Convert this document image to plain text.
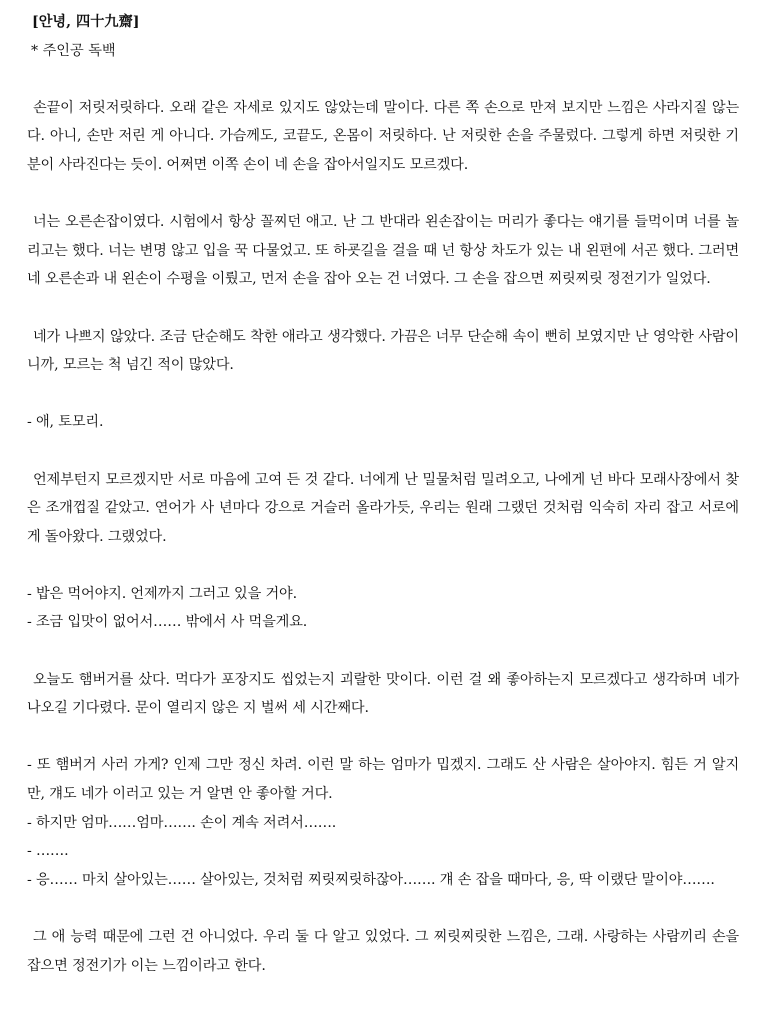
[안녕, 四十九齋]

* 주인공 독백

손끝이 저릿저릿하다. 오래 같은 자세로 있지도 않았는데 말이다. 다른 쪽 손으로 만져 보지만 느낌은 사라지질 않는다. 아니, 손만 저린 게 아니다. 가슴께도, 코끝도, 온몸이 저릿하다. 난 저릿한 손을 주물렀다. 그렇게 하면 저릿한 기분이 사라진다는 듯이. 어쩌면 이쪽 손이 네 손을 잡아서일지도 모르겠다.

너는 오른손잡이였다. 시험에서 항상 꼴찌던 애고. 난 그 반대라 왼손잡이는 머리가 좋다는 얘기를 들먹이며 너를 놀리고는 했다. 너는 변명 않고 입을 꾹 다물었고. 또 하굣길을 걸을 때 넌 항상 차도가 있는 내 왼편에 서곤 했다. 그러면 네 오른손과 내 왼손이 수평을 이뤘고, 먼저 손을 잡아 오는 건 너였다. 그 손을 잡으면 찌릿찌릿 정전기가 일었다.

네가 나쁘지 않았다. 조금 단순해도 착한 애라고 생각했다. 가끔은 너무 단순해 속이 뻔히 보였지만 난 영악한 사람이니까, 모르는 척 넘긴 적이 많았다.

- 애, 토모리.

언제부턴지 모르겠지만 서로 마음에 고여 든 것 같다. 너에게 난 밀물처럼 밀려오고, 나에게 넌 바다 모래사장에서 찾은 조개껍질 같았고. 연어가 사 년마다 강으로 거슬러 올라가듯, 우리는 원래 그랬던 것처럼 익숙히 자리 잡고 서로에게 돌아왔다. 그랬었다.

- 밥은 먹어야지. 언제까지 그러고 있을 거야.

- 조금 입맛이 없어서…… 밖에서 사 먹을게요.

오늘도 햄버거를 샀다. 먹다가 포장지도 씹었는지 괴랄한 맛이다. 이런 걸 왜 좋아하는지 모르겠다고 생각하며 네가 나오길 기다렸다. 문이 열리지 않은 지 벌써 세 시간째다.

- 또 햄버거 사러 가게? 인제 그만 정신 차려. 이런 말 하는 엄마가 밉겠지. 그래도 산 사람은 살아야지. 힘든 거 알지만, 걔도 네가 이러고 있는 거 알면 안 좋아할 거다.

- 하지만 엄마……엄마……. 손이 계속 저려서…….

- …….

- 응…… 마치 살아있는…… 살아있는, 것처럼 찌릿찌릿하잖아……. 걔 손 잡을 때마다, 응, 딱 이랬단 말이야…….

그 애 능력 때문에 그런 건 아니었다. 우리 둘 다 알고 있었다. 그 찌릿찌릿한 느낌은, 그래. 사랑하는 사람끼리 손을 잡으면 정전기가 이는 느낌이라고 한다.
